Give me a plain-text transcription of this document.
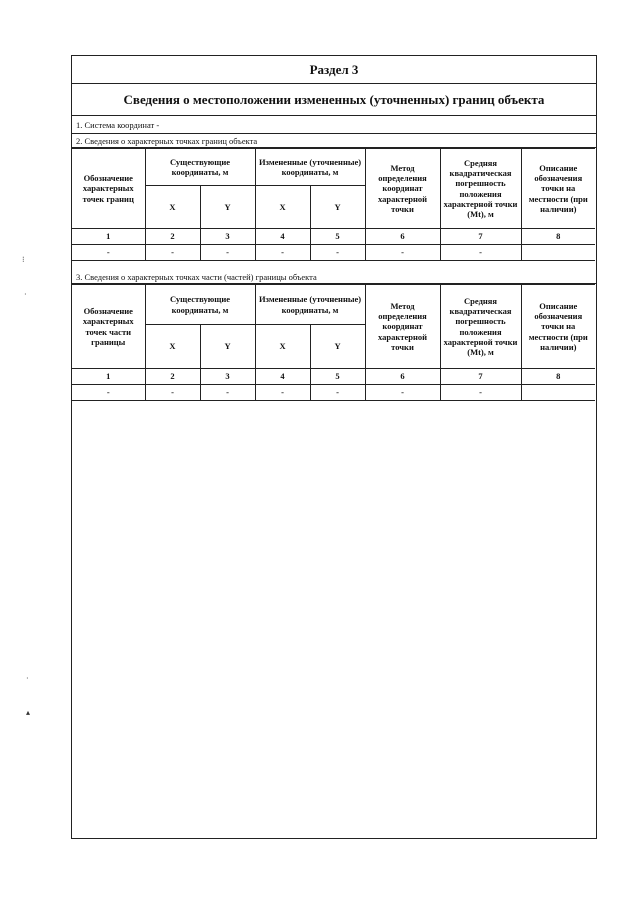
⁝
·
·
▴
Раздел 3
Сведения о местоположении измененных (уточненных) границ объекта
1. Система координат -
2. Сведения о характерных точках границ объекта
Обозначение характерных точек границ	Существующие координаты, м		Измененные (уточненные) координаты, м		Метод определения координат характерной точки	Средняя квадратическая погрешность положения характерной точки (Mt), м	Описание обозначения точки на местности (при наличии)
	X	Y	X	Y			
1	2	3	4	5	6	7	8
-	-	-	-	-	-	-	
3. Сведения о характерных точках части (частей) границы объекта
Обозначение характерных точек части границы	Существующие координаты, м		Измененные (уточненные) координаты, м		Метод определения координат характерной точки	Средняя квадратическая погрешность положения характерной точки (Mt), м	Описание обозначения точки на местности (при наличии)
	X	Y	X	Y			
1	2	3	4	5	6	7	8
-	-	-	-	-	-	-	
